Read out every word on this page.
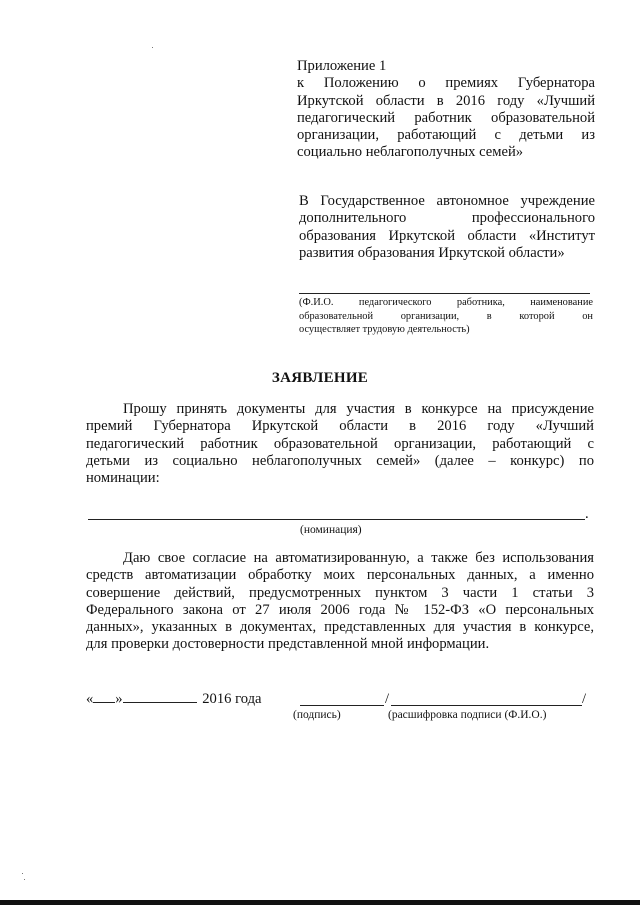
Приложение 1
к Положению о премиях Губернатора
Иркутской области в 2016 году «Лучший
педагогический работник образовательной
организации, работающий с детьми из
социально неблагополучных семей»
В Государственное автономное учреждение
дополнительного профессионального
образования Иркутской области «Институт
развития образования Иркутской области»
(Ф.И.О. педагогического работника, наименование
образовательной организации, в которой он
осуществляет трудовую деятельность)
ЗАЯВЛЕНИЕ
Прошу принять документы для участия в конкурсе на присуждение
премий Губернатора Иркутской области в 2016 году «Лучший
педагогический работник образовательной организации, работающий с
детьми из социально неблагополучных семей» (далее – конкурс) по
номинации:
.
(номинация)
Даю свое согласие на автоматизированную, а также без использования
средств автоматизации обработку моих персональных данных, а именно
совершение действий, предусмотренных пунктом 3 части 1 статьи 3
Федерального закона от 27 июля 2006 года № 152-ФЗ «О персональных
данных», указанных в документах, представленных для участия в конкурсе,
для проверки достоверности представленной мной информации.
« »	2016 года	/	/
(подпись)	(расшифровка подписи (Ф.И.О.)
